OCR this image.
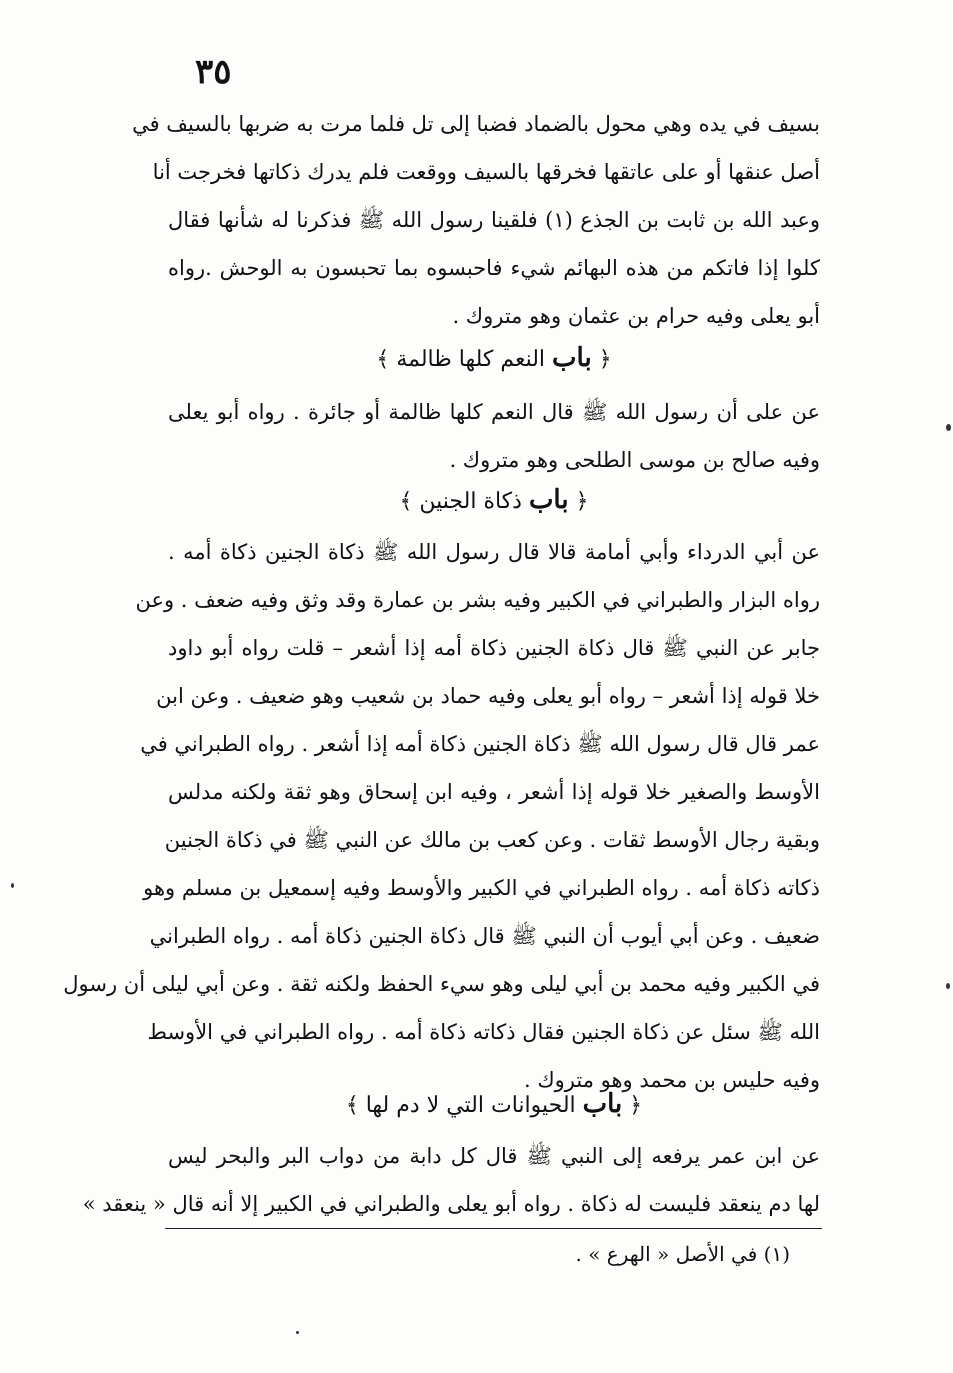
٣٥
بسيف في يده وهي محول بالضماد فضبا إلى تل فلما مرت به ضربها بالسيف في
أصل عنقها أو على عاتقها فخرقها بالسيف ووقعت فلم يدرك ذكاتها فخرجت أنا
وعبد الله بن ثابت بن الجذع (١) فلقينا رسول الله ﷺ فذكرنا له شأنها فقال
كلوا إذا فاتكم من هذه البهائم شيء فاحبسوه بما تحبسون به الوحش .رواه
أبو يعلى وفيه حرام بن عثمان وهو متروك .
﴿ باب النعم كلها ظالمة ﴾
عن على أن رسول الله ﷺ قال النعم كلها ظالمة أو جائرة . رواه أبو يعلى
وفيه صالح بن موسى الطلحى وهو متروك .
﴿ باب ذكاة الجنين ﴾
عن أبي الدرداء وأبي أمامة قالا قال رسول الله ﷺ ذكاة الجنين ذكاة أمه .
رواه البزار والطبراني في الكبير وفيه بشر بن عمارة وقد وثق وفيه ضعف . وعن
جابر عن النبي ﷺ قال ذكاة الجنين ذكاة أمه إذا أشعر – قلت رواه أبو داود
خلا قوله إذا أشعر – رواه أبو يعلى وفيه حماد بن شعيب وهو ضعيف . وعن ابن
عمر قال قال رسول الله ﷺ ذكاة الجنين ذكاة أمه إذا أشعر . رواه الطبراني في
الأوسط والصغير خلا قوله إذا أشعر ، وفيه ابن إسحاق وهو ثقة ولكنه مدلس
وبقية رجال الأوسط ثقات . وعن كعب بن مالك عن النبي ﷺ في ذكاة الجنين
ذكاته ذكاة أمه . رواه الطبراني في الكبير والأوسط وفيه إسمعيل بن مسلم وهو
ضعيف . وعن أبي أيوب أن النبي ﷺ قال ذكاة الجنين ذكاة أمه . رواه الطبراني
في الكبير وفيه محمد بن أبي ليلى وهو سيء الحفظ ولكنه ثقة . وعن أبي ليلى أن رسول
الله ﷺ سئل عن ذكاة الجنين فقال ذكاته ذكاة أمه . رواه الطبراني في الأوسط
وفيه حليس بن محمد وهو متروك .
﴿ باب الحيوانات التي لا دم لها ﴾
عن ابن عمر يرفعه إلى النبي ﷺ قال كل دابة من دواب البر والبحر ليس
لها دم ينعقد فليست له ذكاة . رواه أبو يعلى والطبراني في الكبير إلا أنه قال « ينعقد »
(١) في الأصل « الهرع » .
